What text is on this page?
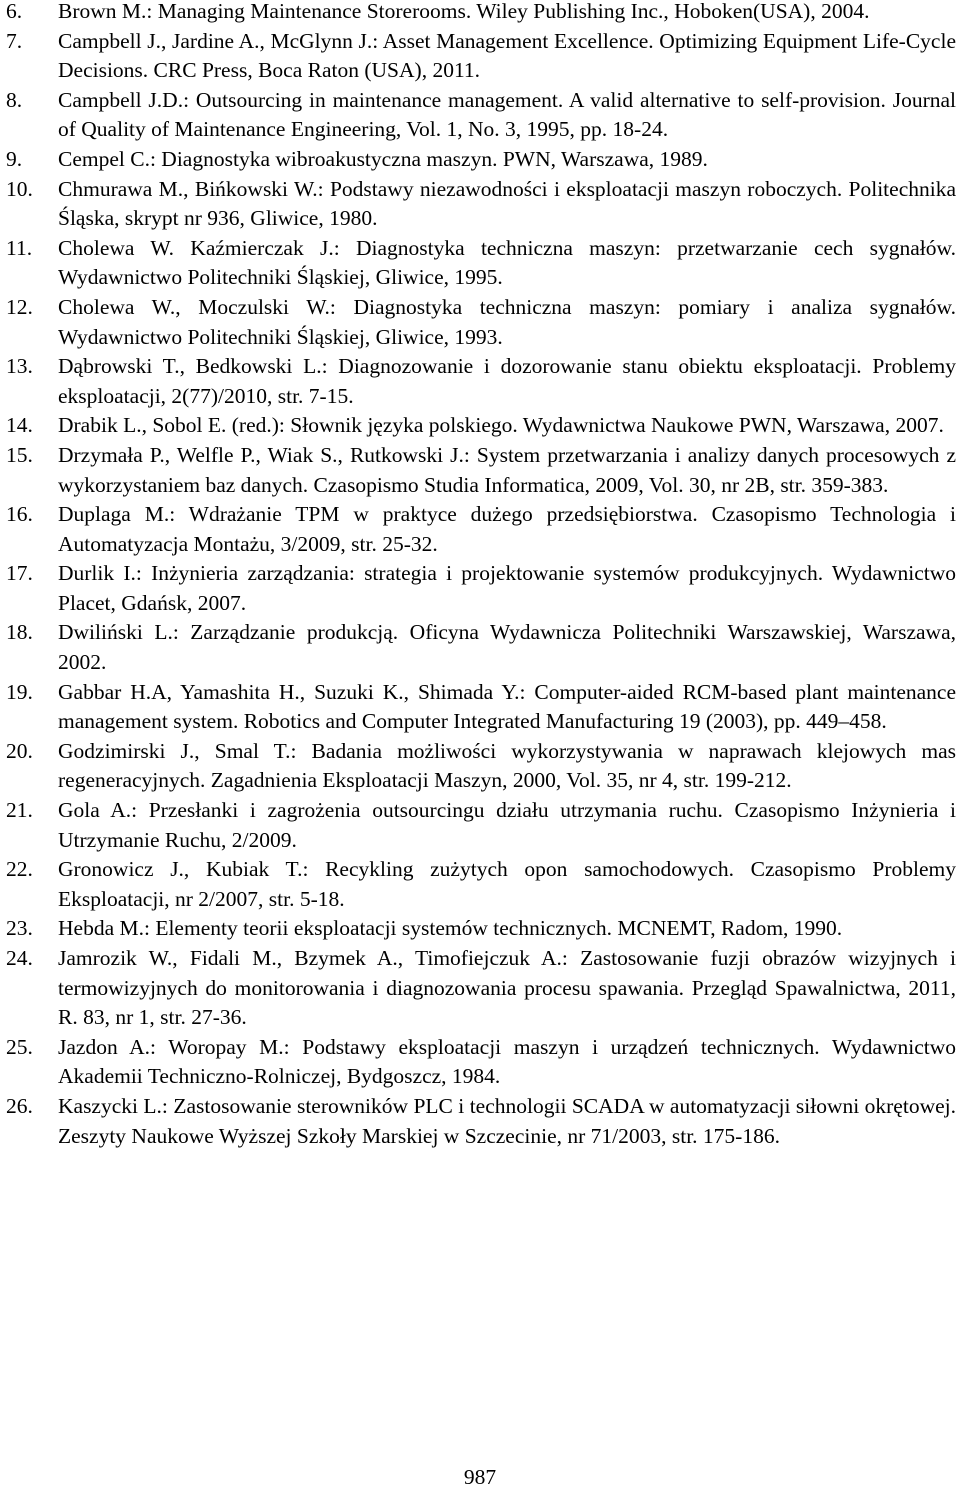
6.	Brown M.: Managing Maintenance Storerooms. Wiley Publishing Inc., Hoboken(USA), 2004.
7.	Campbell J., Jardine A., McGlynn J.: Asset Management Excellence. Optimizing Equipment Life-Cycle Decisions. CRC Press, Boca Raton (USA), 2011.
8.	Campbell J.D.: Outsourcing in maintenance management. A valid alternative to self-provision. Journal of Quality of Maintenance Engineering, Vol. 1, No. 3, 1995, pp. 18-24.
9.	Cempel C.: Diagnostyka wibroakustyczna maszyn. PWN, Warszawa, 1989.
10.	Chmurawa M., Bińkowski W.: Podstawy niezawodności i eksploatacji maszyn roboczych. Politechnika Śląska, skrypt nr 936, Gliwice, 1980.
11.	Cholewa W. Kaźmierczak J.: Diagnostyka techniczna maszyn: przetwarzanie cech sygnałów. Wydawnictwo Politechniki Śląskiej, Gliwice, 1995.
12.	Cholewa W., Moczulski W.: Diagnostyka techniczna maszyn: pomiary i analiza sygnałów. Wydawnictwo Politechniki Śląskiej, Gliwice, 1993.
13.	Dąbrowski T., Bedkowski L.: Diagnozowanie i dozorowanie stanu obiektu eksploatacji. Problemy eksploatacji, 2(77)/2010, str. 7-15.
14.	Drabik L., Sobol E. (red.): Słownik języka polskiego. Wydawnictwa Naukowe PWN, Warszawa, 2007.
15.	Drzymała P., Welfle P., Wiak S., Rutkowski J.: System przetwarzania i analizy danych procesowych z wykorzystaniem baz danych. Czasopismo Studia Informatica, 2009, Vol. 30, nr 2B, str. 359-383.
16.	Duplaga M.: Wdrażanie TPM w praktyce dużego przedsiębiorstwa. Czasopismo Technologia i Automatyzacja Montażu, 3/2009, str. 25-32.
17.	Durlik I.: Inżynieria zarządzania: strategia i projektowanie systemów produkcyjnych. Wydawnictwo Placet, Gdańsk, 2007.
18.	Dwiliński L.: Zarządzanie produkcją. Oficyna Wydawnicza Politechniki Warszawskiej, Warszawa, 2002.
19.	Gabbar H.A, Yamashita H., Suzuki K., Shimada Y.: Computer-aided RCM-based plant maintenance management system. Robotics and Computer Integrated Manufacturing 19 (2003), pp. 449–458.
20.	Godzimirski J., Smal T.: Badania możliwości wykorzystywania w naprawach klejowych mas regeneracyjnych. Zagadnienia Eksploatacji Maszyn, 2000, Vol. 35, nr 4, str. 199-212.
21.	Gola A.: Przesłanki i zagrożenia outsourcingu działu utrzymania ruchu. Czasopismo Inżynieria i Utrzymanie Ruchu, 2/2009.
22.	Gronowicz J., Kubiak T.: Recykling zużytych opon samochodowych. Czasopismo Problemy Eksploatacji, nr 2/2007, str. 5-18.
23.	Hebda M.: Elementy teorii eksploatacji systemów technicznych. MCNEMT, Radom, 1990.
24.	Jamrozik W., Fidali M., Bzymek A., Timofiejczuk A.: Zastosowanie fuzji obrazów wizyjnych i termowizyjnych do monitorowania i diagnozowania procesu spawania. Przegląd Spawalnictwa, 2011, R. 83, nr 1, str. 27-36.
25.	Jazdon A.: Woropay M.: Podstawy eksploatacji maszyn i urządzeń technicznych. Wydawnictwo Akademii Techniczno-Rolniczej, Bydgoszcz, 1984.
26.	Kaszycki L.: Zastosowanie sterowników PLC i technologii SCADA w automatyzacji siłowni okrętowej. Zeszyty Naukowe Wyższej Szkoły Marskiej w Szczecinie, nr 71/2003, str. 175-186.
987
